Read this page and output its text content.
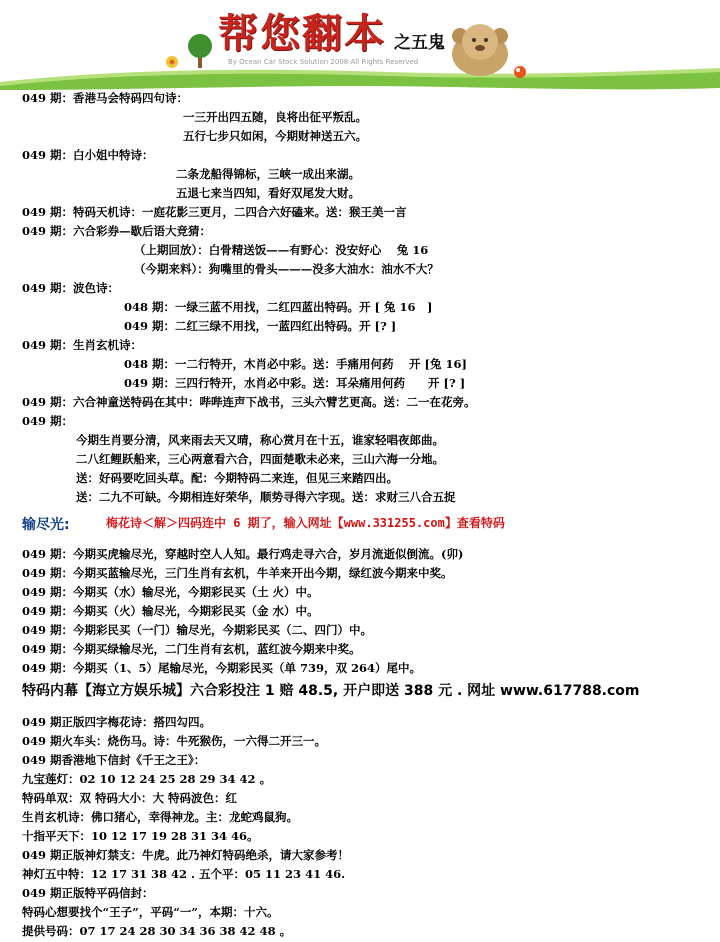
帮您翻本 之五鬼
By Ocean Car Stock Solution 2008 All Rights Reserved
049 期：香港马会特码四句诗：
一三开出四五随，良将出征平叛乱。
五行七步只如闲，今期财神送五六。
049 期：白小姐中特诗：
二条龙船得锦标，三峡一成出来湖。
五退七来当四知，看好双尾发大财。
049 期：特码天机诗：一庭花影三更月，二四合六好磕来。送：猴王美一言
049 期：六合彩券—歇后语大竞猜：
（上期回放）：白骨精送饭——有野心：没安好心　 兔 16
（今期来料）：狗嘴里的骨头———没多大油水：油水不大？
049 期：波色诗：
048 期：一绿三蓝不用找，二红四蓝出特码。开 [ 兔 16　]
049 期：二红三绿不用找，一蓝四红出特码。开 [? ]
049 期：生肖玄机诗：
048 期：一二行特开，木肖必中彩。送：手痛用何药　 开 [兔 16]
049 期：三四行特开，水肖必中彩。送：耳朵痛用何药　　开 [? ]
049 期：六合神童送特码在其中：哔哔连声下战书，三头六臂艺更高。送：二一在花旁。
049 期：
今期生肖要分清，风来雨去天又晴，称心赏月在十五，谁家轻唱夜郎曲。
二八红鲤跃船来，三心两意看六合，四面楚歌未必来，三山六海一分地。
送：好码要吃回头草。配：今期特码二来连，但见三来踏四出。
送：二九不可缺。今期相连好荣华，顺势寻得六字现。送：求财三八合五捉
输尽光:	梅花诗＜解＞四码连中 6 期了，输入网址【www.331255.com】查看特码
049 期：今期买虎输尽光，穿越时空人人知。最行鸡走寻六合，岁月流逝似倒流。(卯)
049 期：今期买蓝输尽光，三门生肖有玄机，牛羊来开出今期，绿红波今期来中奖。
049 期：今期买（水）输尽光，今期彩民买（土 火）中。
049 期：今期买（火）输尽光，今期彩民买（金 水）中。
049 期：今期彩民买（一门）输尽光，今期彩民买（二、四门）中。
049 期：今期买绿输尽光，二门生肖有玄机，蓝红波今期来中奖。
049 期：今期买（1、5）尾输尽光，今期彩民买（单 739，双 264）尾中。
特码内幕【海立方娱乐城】六合彩投注 1 赔 48.5, 开户即送 388 元 . 网址 www.617788.com
049 期正版四字梅花诗：搭四勾四。
049 期火车头：烧伤马。诗：牛死猴伤，一六得二开三一。
049 期香港地下信封《千王之王》：
九宝莲灯：02 10 12 24 25 28 29 34 42 。
特码单双：双 特码大小：大 特码波色：红
生肖玄机诗：佛口猪心，幸得神龙。主：龙蛇鸡鼠狗。
十指平天下：10 12 17 19 28 31 34 46。
049 期正版神灯禁支：牛虎。此乃神灯特码绝杀，请大家参考！
神灯五中特：12 17 31 38 42 . 五个平：05 11 23 41 46.
049 期正版特平码信封：
特码心想要找个“王子”，平码“一”，本期：十六。
提供号码：07 17 24 28 30 34 36 38 42 48 。
